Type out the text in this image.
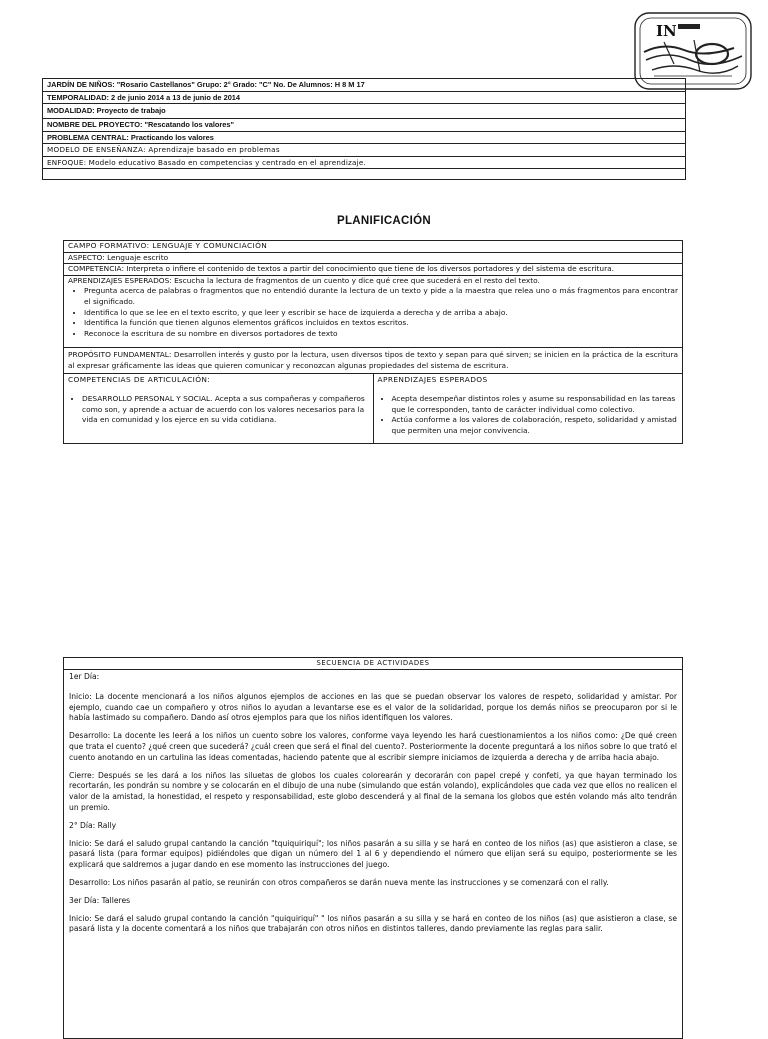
IN
JARDÍN DE NIÑOS: "Rosario Castellanos" Grupo: 2° Grado: "C" No. De Alumnos: H 8 M 17
TEMPORALIDAD: 2 de junio 2014 a 13 de junio de 2014
MODALIDAD: Proyecto de trabajo
NOMBRE DEL PROYECTO: "Rescatando los valores"
PROBLEMA CENTRAL: Practicando los valores
MODELO DE ENSEÑANZA: Aprendizaje basado en problemas
ENFOQUE: Modelo educativo Basado en competencias y centrado en el aprendizaje.
PLANIFICACIÓN
CAMPO FORMATIVO: LENGUAJE Y COMUNCIACIÓN
ASPECTO: Lenguaje escrito
COMPETENCIA: Interpreta o infiere el contenido de textos a partir del conocimiento que tiene de los diversos portadores y del sistema de escritura.
APRENDIZAJES ESPERADOS: Escucha la lectura de fragmentos de un cuento y dice qué cree que sucederá en el resto del texto.
• Pregunta acerca de palabras o fragmentos que no entendió durante la lectura de un texto y pide a la maestra que relea uno o más fragmentos para encontrar el significado.
• Identifica lo que se lee en el texto escrito, y que leer y escribir se hace de izquierda a derecha y de arriba a abajo.
• Identifica la función que tienen algunos elementos gráficos incluidos en textos escritos.
• Reconoce la escritura de su nombre en diversos portadores de texto
PROPÓSITO FUNDAMENTAL: Desarrollen interés y gusto por la lectura, usen diversos tipos de texto y sepan para qué sirven; se inicien en la práctica de la escritura al expresar gráficamente las ideas que quieren comunicar y reconozcan algunas propiedades del sistema de escritura.
COMPETENCIAS DE ARTICULACIÓN:
• DESARROLLO PERSONAL Y SOCIAL. Acepta a sus compañeras y compañeros como son, y aprende a actuar de acuerdo con los valores necesarios para la vida en comunidad y los ejerce en su vida cotidiana.
APRENDIZAJES ESPERADOS
• Acepta desempeñar distintos roles y asume su responsabilidad en las tareas que le corresponden, tanto de carácter individual como colectivo.
• Actúa conforme a los valores de colaboración, respeto, solidaridad y amistad que permiten una mejor convivencia.
SECUENCIA DE ACTIVIDADES

1er Día:

Inicio: La docente mencionará a los niños algunos ejemplos de acciones en las que se puedan observar los valores de respeto, solidaridad y amistar. Por ejemplo, cuando cae un compañero y otros niños lo ayudan a levantarse ese es el valor de la solidaridad, porque los demás niños se preocuparon por si le había lastimado su compañero. Dando así otros ejemplos para que los niños identifiquen los valores.

Desarrollo: La docente les leerá a los niños un cuento sobre los valores, conforme vaya leyendo les hará cuestionamientos a los niños como: ¿De qué creen que trata el cuento? ¿qué creen que sucederá? ¿cuál creen que será el final del cuento?. Posteriormente la docente preguntará a los niños sobre lo que trató el cuento anotando en un cartulina las ideas comentadas, haciendo patente que al escribir siempre iniciamos de izquierda a derecha y de arriba hacia abajo.

Cierre: Después se les dará a los niños las siluetas de globos los cuales colorearán y decorarán con papel crepé y confeti, ya que hayan terminado los recortarán, les pondrán su nombre y se colocarán en el dibujo de una nube (simulando que están volando), explicándoles que cada vez que ellos no realicen el valor de la amistad, la honestidad, el respeto y responsabilidad, este globo descenderá y al final de la semana los globos que estén volando más alto tendrán un premio.

2° Día: Rally

Inicio: Se dará el saludo grupal cantando la canción "tquiquiriquí"; los niños pasarán a su silla y se hará en conteo de los niños (as) que asistieron a clase, se pasará lista (para formar equipos) pidiéndoles que digan un número del 1 al 6 y dependiendo el número que elijan será su equipo, posteriormente se les explicará que saldremos a jugar dando en ese momento las instrucciones del juego.

Desarrollo: Los niños pasarán al patio, se reunirán con otros compañeros se darán nueva mente las instrucciones y se comenzará con el rally.

3er Día: Talleres

Inicio: Se dará el saludo grupal contando la canción "quiquiriquí" " los niños pasarán a su silla y se hará en conteo de los niños (as) que asistieron a clase, se pasará lista y la docente comentará a los niños que trabajarán con otros niños en distintos talleres, dando previamente las reglas para salir.
